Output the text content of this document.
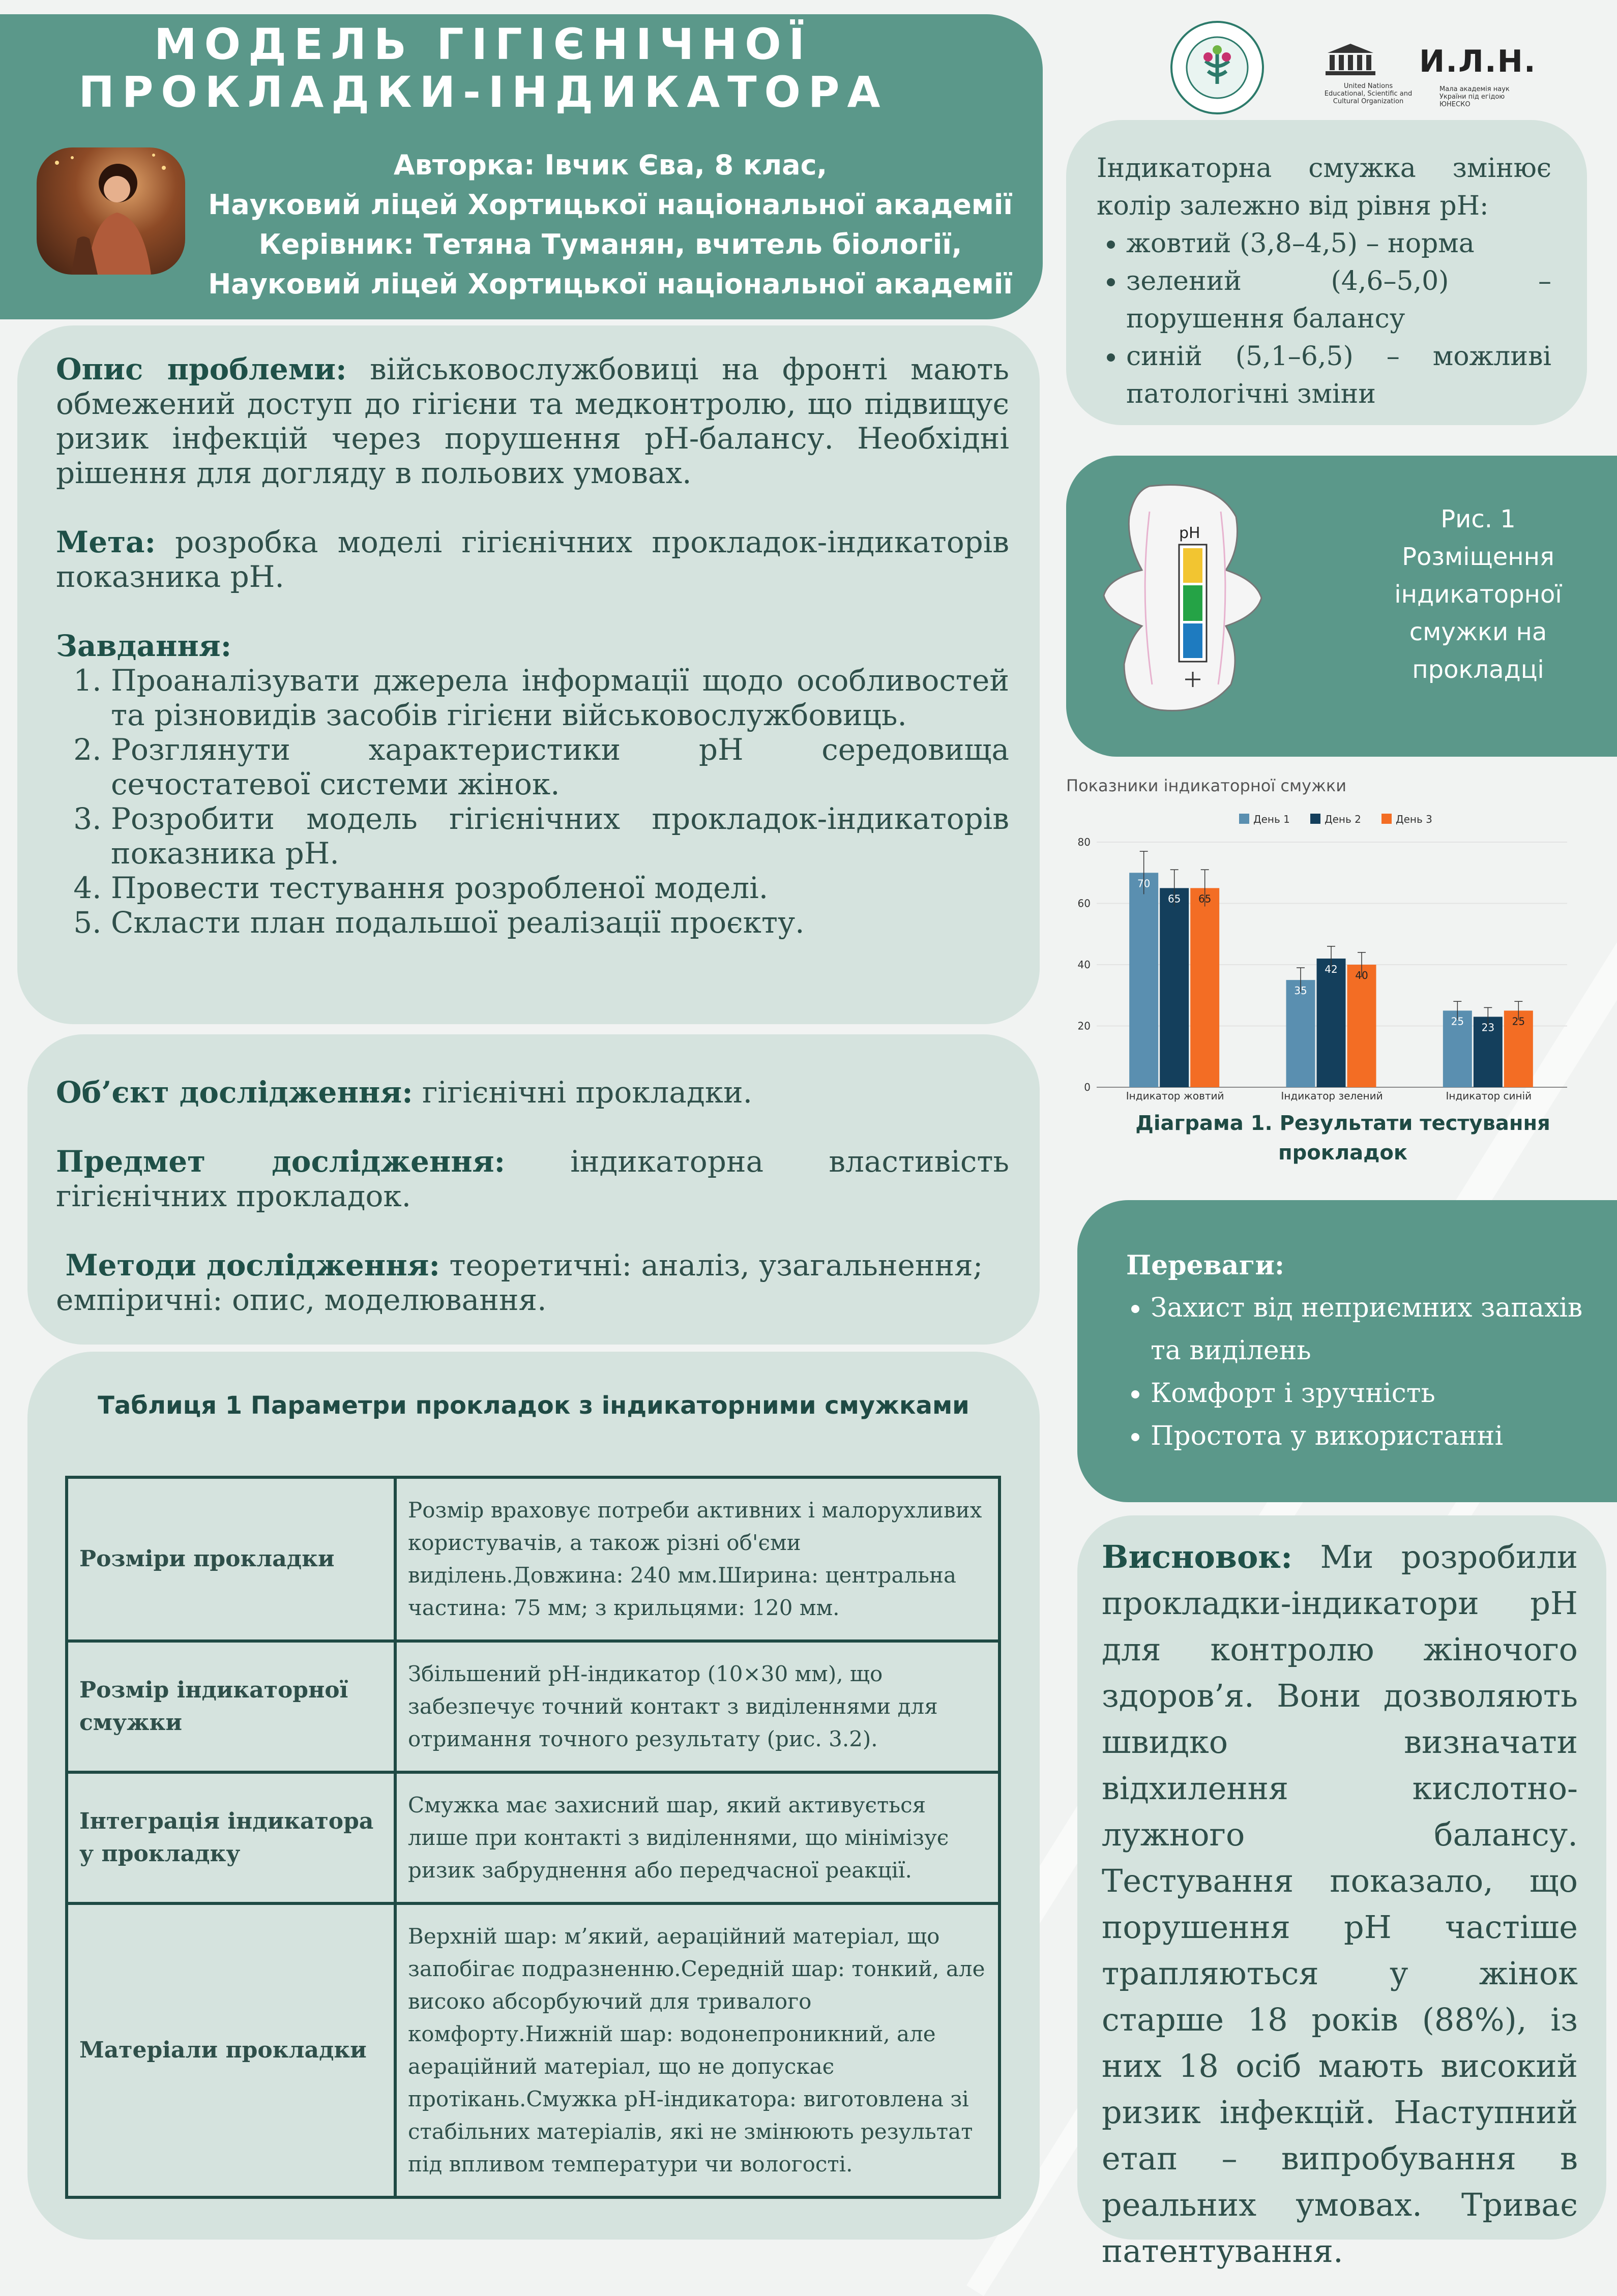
МОДЕЛЬ ГІГІЄНІЧНОЇ
ПРОКЛАДКИ-ІНДИКАТОРА
Авторка: Івчик Єва, 8 клас,
Науковий ліцей Хортицької національної академії
Керівник: Тетяна Туманян, вчитель біології,
Науковий ліцей Хортицької національної академії
United Nations
Educational, Scientific and
Cultural Organization
Ͷ.Л.Н.
Мала академія наук
України під егідою
ЮНЕСКО
Опис проблеми: військовослужбовиці на фронті мають обмежений доступ до гігієни та медконтролю, що підвищує ризик інфекцій через порушення pH-балансу. Необхідні рішення для догляду в польових умовах.
Мета: розробка моделі гігієнічних прокладок-індикаторів показника pH.
Завдання:
1. Проаналізувати джерела інформації щодо особливостей та різновидів засобів гігієни військовослужбовиць.
2. Розглянути характеристики pH середовища сечостатевої системи жінок.
3. Розробити модель гігієнічних прокладок-індикаторів показника pH.
4. Провести тестування розробленої моделі.
5. Скласти план подальшої реалізації проєкту.
Об’єкт дослідження: гігієнічні прокладки.
Предмет дослідження: індикаторна властивість гігієнічних прокладок.
Методи дослідження: теоретичні: аналіз, узагальнення; емпіричні: опис, моделювання.
Таблиця 1 Параметри прокладок з індикаторними смужками
Розміри прокладки	Розмір враховує потреби активних і малорухливих користувачів, а також різні об'єми виділень.Довжина: 240 мм.Ширина: центральна частина: 75 мм; з крильцями: 120 мм.
Розмір індикаторної смужки	Збільшений pH-індикатор (10×30 мм), що забезпечує точний контакт з виділеннями для отримання точного результату (рис. 3.2).
Інтеграція індикатора у прокладку	Смужка має захисний шар, який активується лише при контакті з виділеннями, що мінімізує ризик забруднення або передчасної реакції.
Матеріали прокладки	Верхній шар: м’який, аераційний матеріал, що запобігає подразненню.Середній шар: тонкий, але високо абсорбуючий для тривалого комфорту.Нижній шар: водонепроникний, але аераційний матеріал, що не допускає протікань.Смужка pH-індикатора: виготовлена зі стабільних матеріалів, які не змінюють результат під впливом температури чи вологості.
Індикаторна смужка змінює колір залежно від рівня pH:
• жовтий (3,8–4,5) – норма
• зелений (4,6–5,0) – порушення балансу
• синій (5,1–6,5) – можливі патологічні зміни
pH	Рис. 1 Розміщення індикаторної смужки на прокладці
Показники індикаторної смужки
День 1	День 2	День 3
0
20
40
60
80
70
65 65
Індикатор жовтий
35
42
40
Індикатор зелений
25
23
25
Індикатор синій
Діаграма 1. Результати тестування прокладок
Переваги:
• Захист від неприємних запахів та виділень
• Комфорт і зручність
• Простота у використанні
Висновок: Ми розробили прокладки-індикатори pH для контролю жіночого здоров’я. Вони дозволяють швидко визначати відхилення кислотно-лужного балансу. Тестування показало, що порушення pH частіше трапляються у жінок старше 18 років (88%), із них 18 осіб мають високий ризик інфекцій. Наступний етап – випробування в реальних умовах. Триває патентування.
